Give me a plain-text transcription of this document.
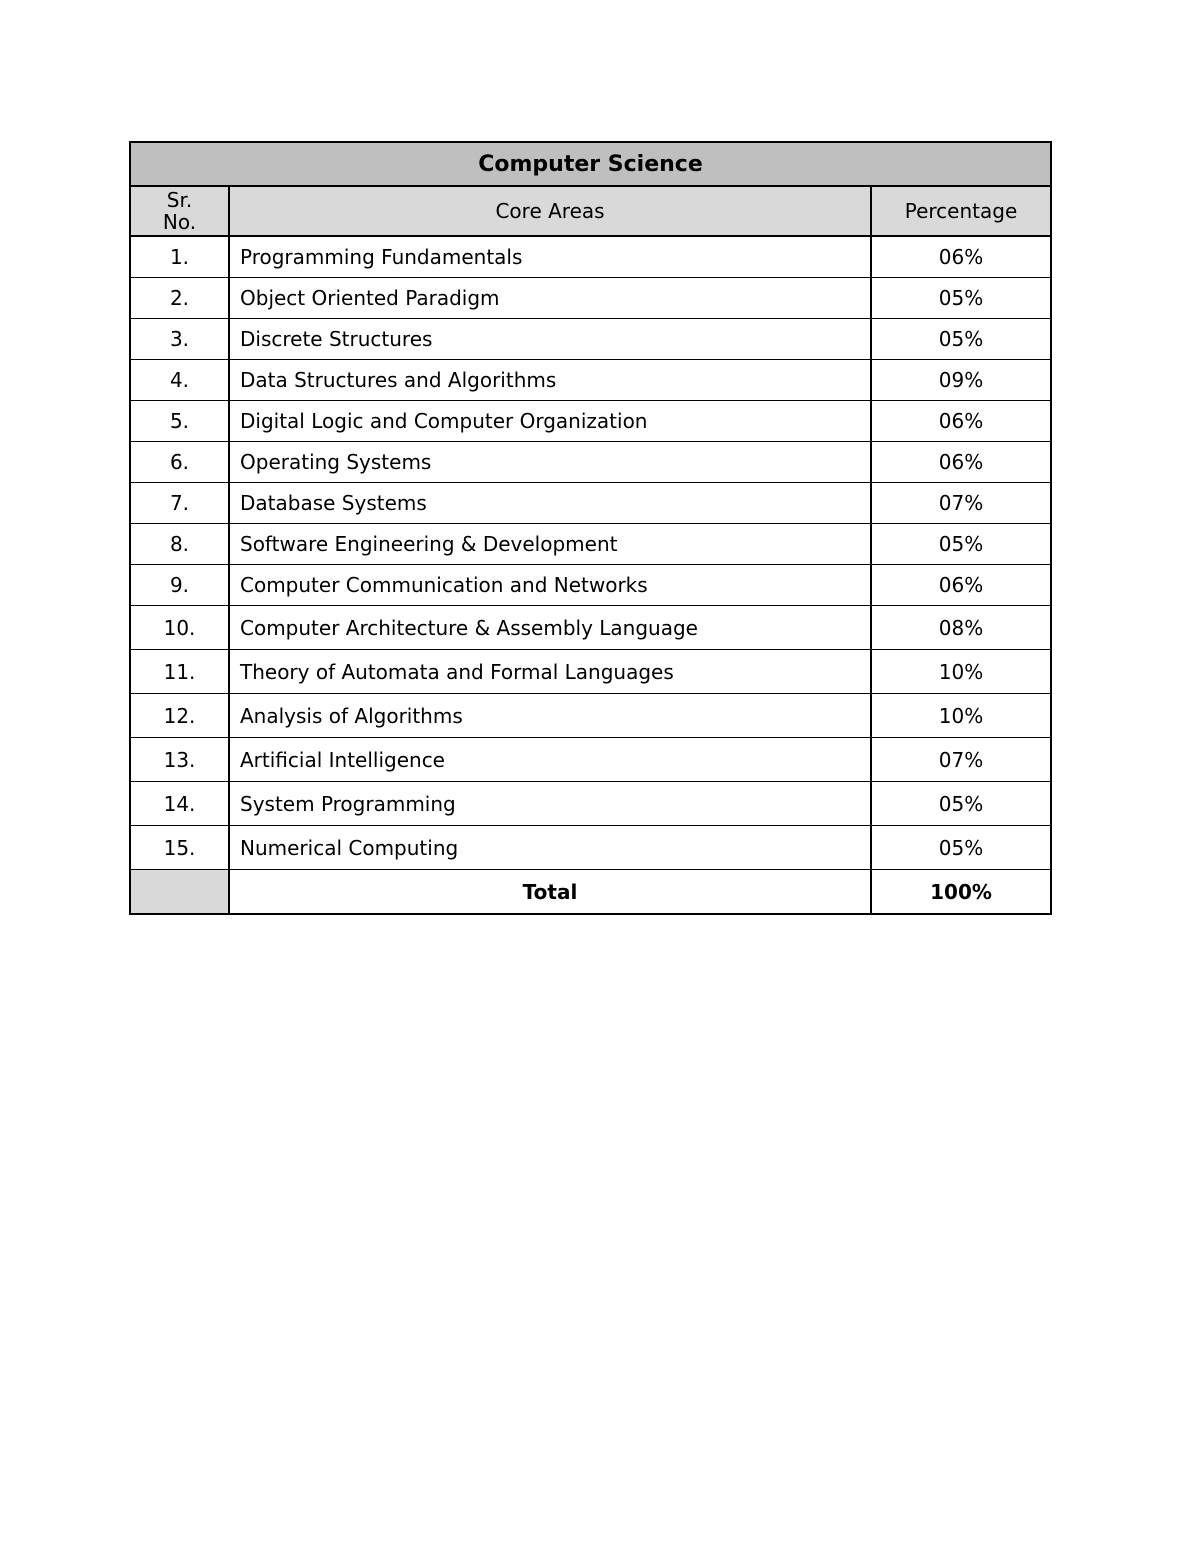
Computer Science		
Sr.
No.	Core Areas	Percentage
1.	Programming Fundamentals	06%
2.	Object Oriented Paradigm	05%
3.	Discrete Structures	05%
4.	Data Structures and Algorithms	09%
5.	Digital Logic and Computer Organization	06%
6.	Operating Systems	06%
7.	Database Systems	07%
8.	Software Engineering & Development	05%
9.	Computer Communication and Networks	06%
10.	Computer Architecture & Assembly Language	08%
11.	Theory of Automata and Formal Languages	10%
12.	Analysis of Algorithms	10%
13.	Artificial Intelligence	07%
14.	System Programming	05%
15.	Numerical Computing	05%
	Total	100%
